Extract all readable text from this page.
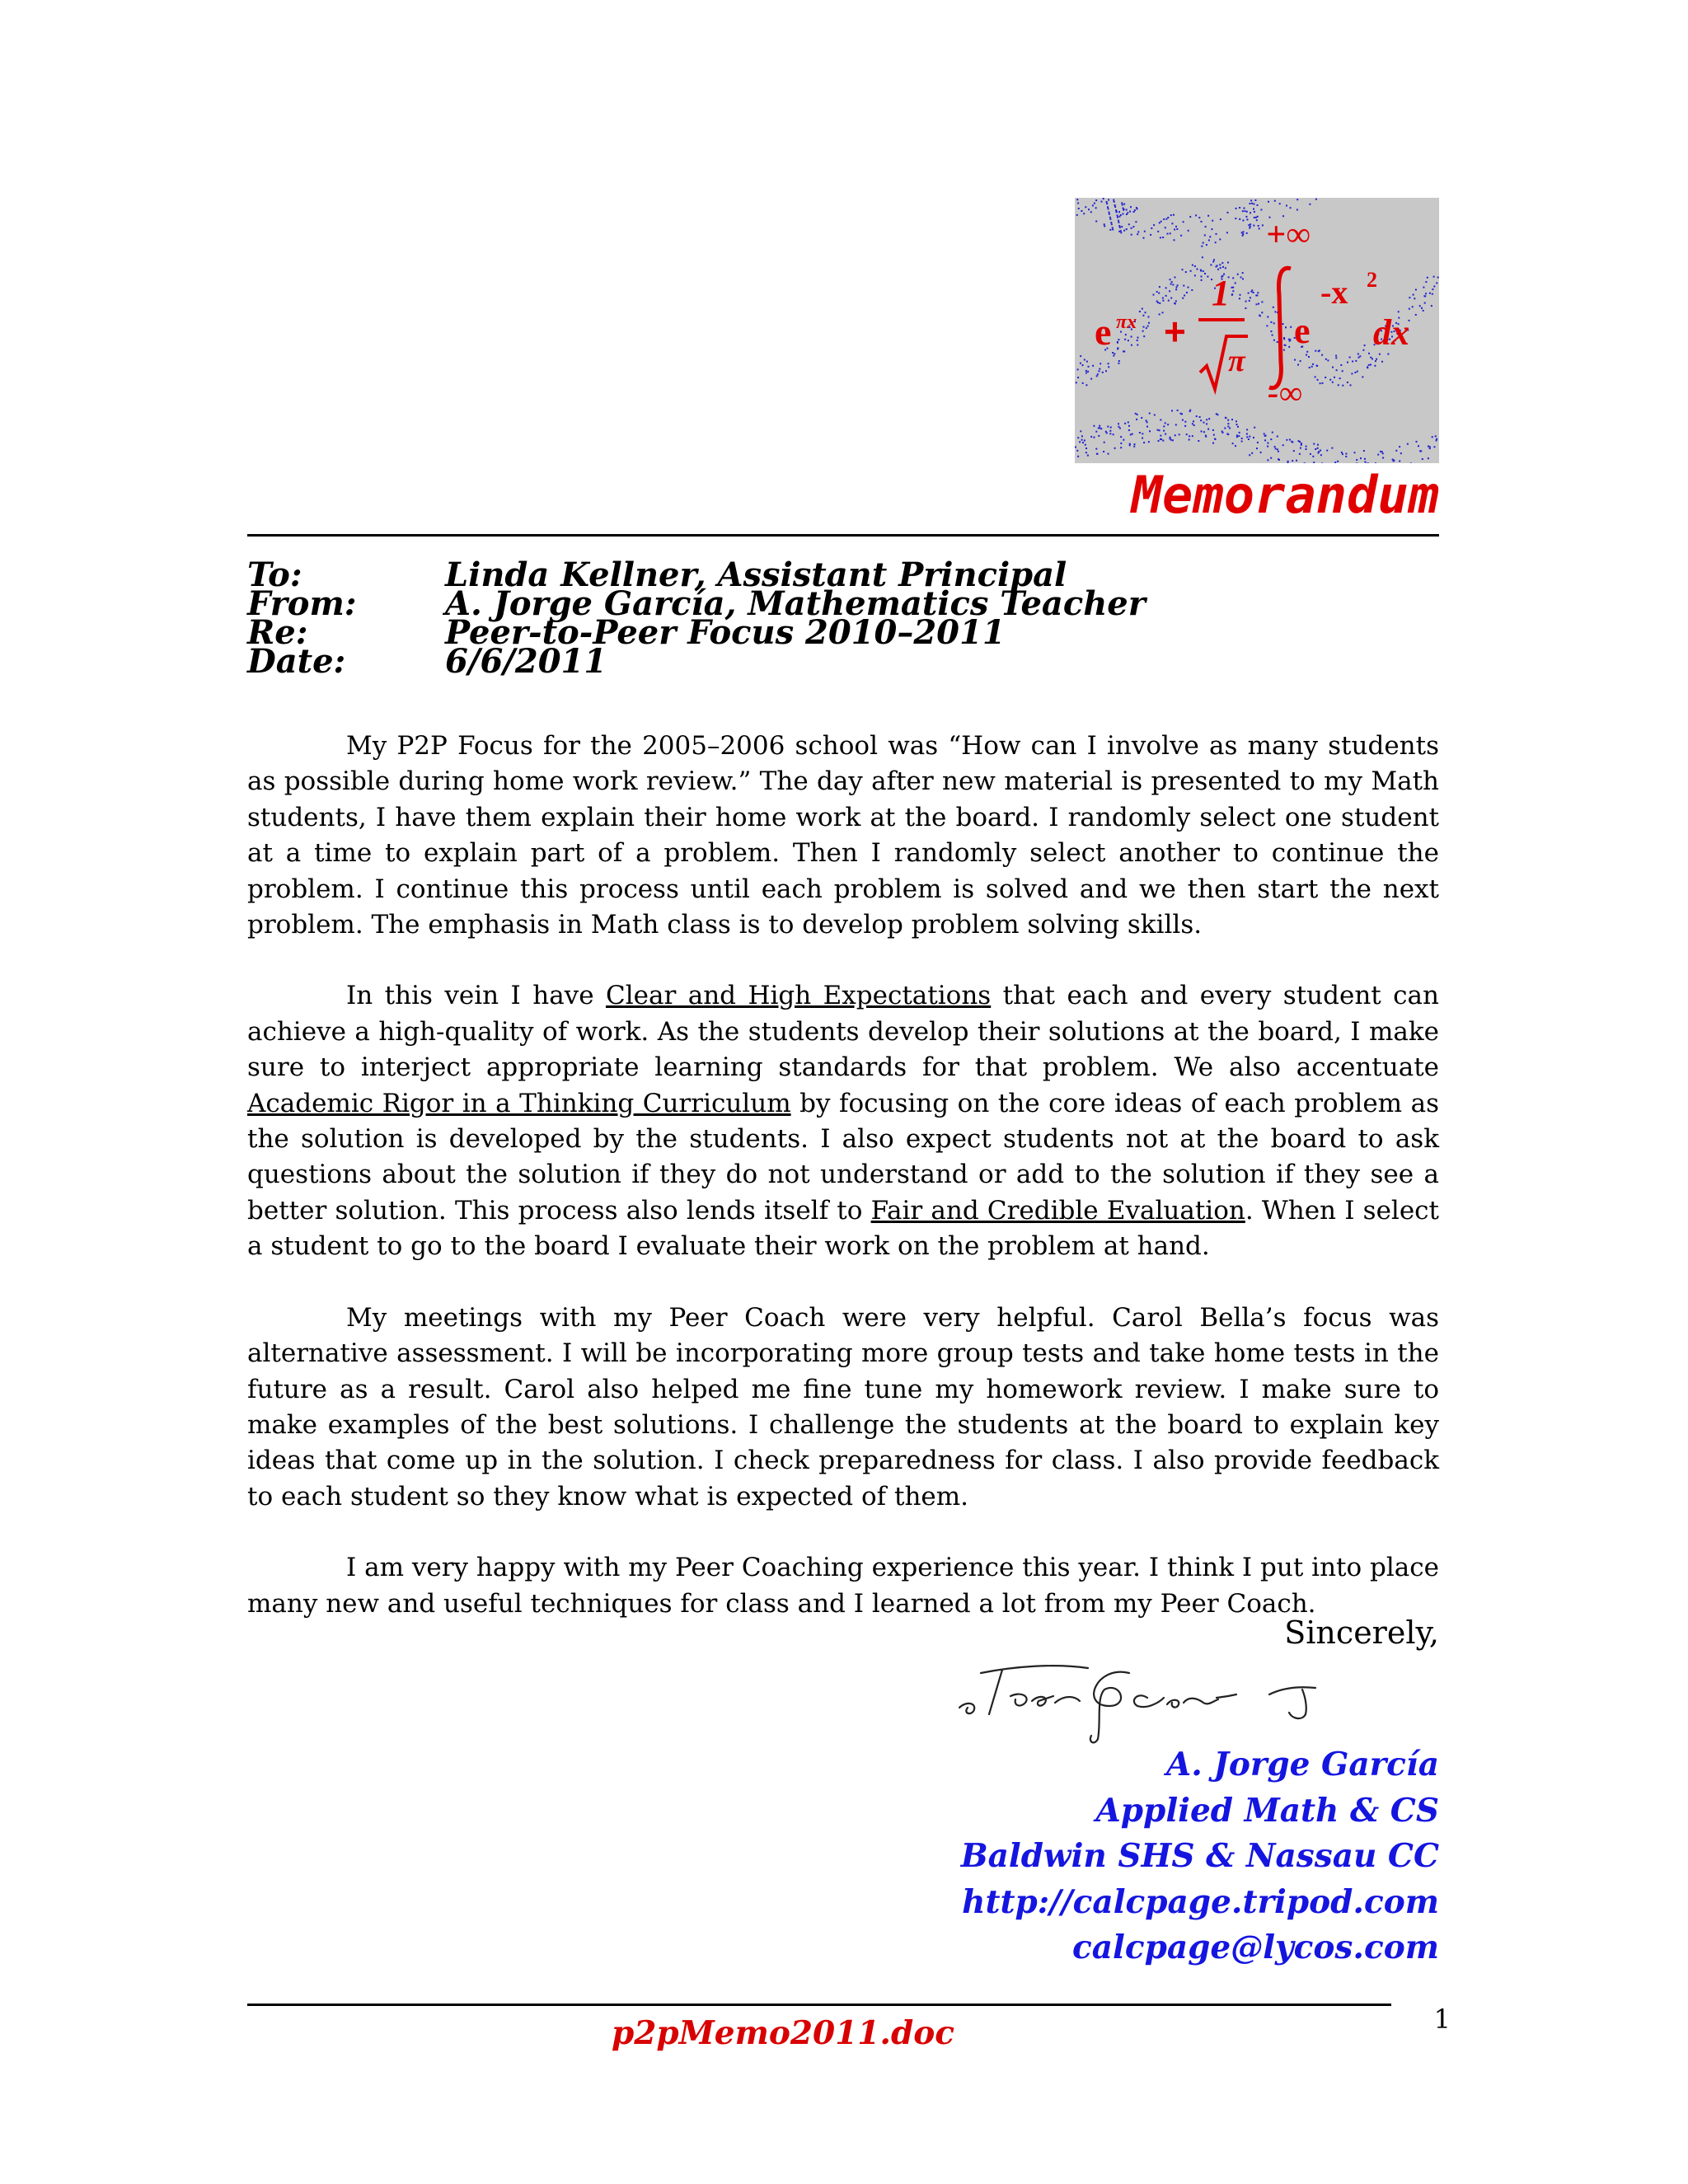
+∞
e πx +
1
π
e
-x 2
dx
-∞
Memorandum
To:	Linda Kellner, Assistant Principal
From:	A. Jorge García, Mathematics Teacher
Re:	Peer-to-Peer Focus 2010–2011
Date:	6/6/2011

My P2P Focus for the 2005–2006 school was “How can I involve as many students as possible during home work review.” The day after new material is presented to my Math students, I have them explain their home work at the board. I randomly select one student at a time to explain part of a problem. Then I randomly select another to continue the problem. I continue this process until each problem is solved and we then start the next problem. The emphasis in Math class is to develop problem solving skills.

In this vein I have Clear and High Expectations that each and every student can achieve a high-quality of work. As the students develop their solutions at the board, I make sure to interject appropriate learning standards for that problem. We also accentuate Academic Rigor in a Thinking Curriculum by focusing on the core ideas of each problem as the solution is developed by the students. I also expect students not at the board to ask questions about the solution if they do not understand or add to the solution if they see a better solution. This process also lends itself to Fair and Credible Evaluation. When I select a student to go to the board I evaluate their work on the problem at hand.

My meetings with my Peer Coach were very helpful. Carol Bella’s focus was alternative assessment. I will be incorporating more group tests and take home tests in the future as a result. Carol also helped me fine tune my homework review. I make sure to make examples of the best solutions. I challenge the students at the board to explain key ideas that come up in the solution. I check preparedness for class. I also provide feedback to each student so they know what is expected of them.

I am very happy with my Peer Coaching experience this year. I think I put into place many new and useful techniques for class and I learned a lot from my Peer Coach.

Sincerely,
A. Jorge García
Applied Math & CS
Baldwin SHS & Nassau CC
http://calcpage.tripod.com
calcpage@lycos.com
p2pMemo2011.doc	1
